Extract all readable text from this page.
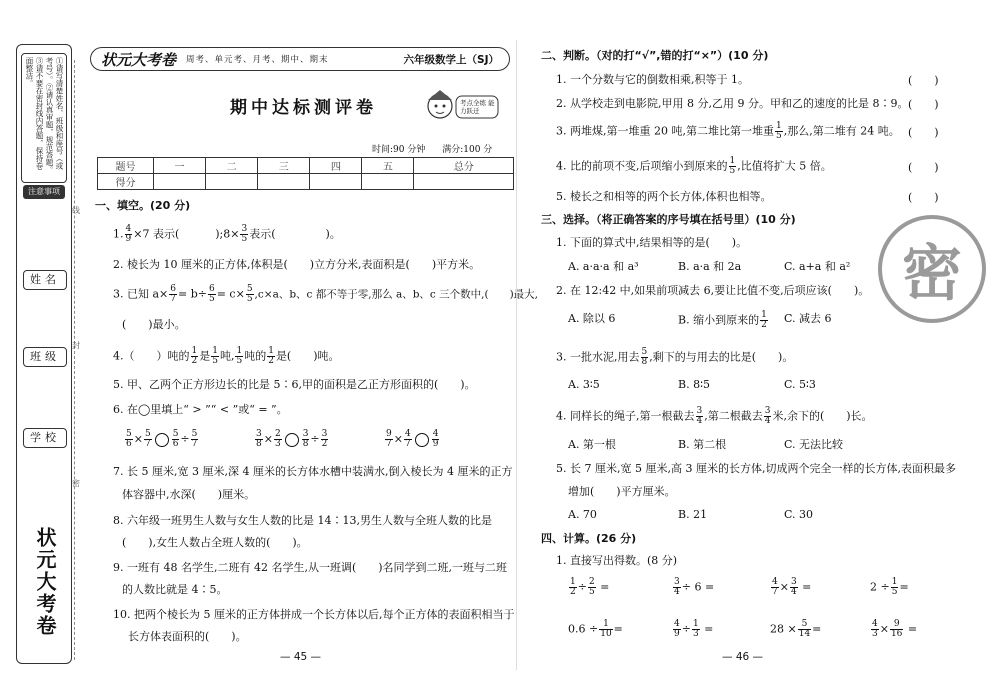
①请写清楚姓名、班级和座号（或考号）。②请认真审题，规范答题。③请不要在密封线内答题，保持卷面整洁。
注意事项
姓名
班级
学校
状元大考卷
线
封
密
状元大考卷 周考、单元考、月考、期中、期末	六年级数学上（SJ）
期中达标测评卷	考点全练 能力跃迁
时间:90 分钟 满分:100 分
题号	一	二	三	四	五	总分
得分						
一、填空。(20 分)
1. $\frac{4}{9} \times 7$ 表示(	);8× $\frac{3}{5}$ 表示(	)。
2. 棱长为 10 厘米的正方体,体积是(　　)立方分米,表面积是(　　)平方米。
3. 已知 $a\times \frac{6}{7} = b\div \frac{6}{5} = c\times \frac{5}{5} ,c\times a$、b、c 都不等于零,那么 a、b、c 三个数中,(　　)最大,
(　　)最小。
4.（　　）吨的 $\frac{1}{2}$ 是 $\frac{1}{5}$ 吨, $\frac{1}{5}$ 吨的 $\frac{1}{2}$ 是(　　)吨。
5. 甲、乙两个正方形边长的比是 5∶6,甲的面积是乙正方形面积的(　　)。
6. 在◯里填上“ > ”“ < ”或“ = ”。
$\frac{5}{6} \times \frac{5}{7} \frac{5}{6} \div \frac{5}{7}$	$\frac{3}{8} \times \frac{2}{3} \frac{3}{8} \div \frac{3}{2}$	$\frac{9}{7} \times \frac{4}{7} \frac{4}{9}$
7. 长 5 厘米,宽 3 厘米,深 4 厘米的长方体水槽中装满水,倒入棱长为 4 厘米的正方
体容器中,水深(　　)厘米。
8. 六年级一班男生人数与女生人数的比是 14∶13,男生人数与全班人数的比是
(　　),女生人数占全班人数的(　　)。
9. 一班有 48 名学生,二班有 42 名学生,从一班调(　　)名同学到二班,一班与二班
的人数比就是 4∶5。
10. 把两个棱长为 5 厘米的正方体拼成一个长方体以后,每个正方体的表面积相当于
长方体表面积的(　　)。
— 45 —
二、判断。（对的打“√”,错的打“×”）(10 分)
1. 一个分数与它的倒数相乘,积等于 1。	(　　)
2. 从学校走到电影院,甲用 8 分,乙用 9 分。甲和乙的速度的比是 8∶9。 (　　)
3. 两堆煤,第一堆重 20 吨,第二堆比第一堆重 $\frac{1}{5}$ ,那么,第二堆有 24 吨。 (　　)
4. 比的前项不变,后项缩小到原来的 $\frac{1}{5}$ ,比值将扩大 5 倍。	(　　)
5. 棱长之和相等的两个长方体,体积也相等。	(　　)
三、选择。（将正确答案的序号填在括号里）(10 分)
1. 下面的算式中,结果相等的是(　　)。
A. a·a·a 和 a³	B. a·a 和 2a	C. a+a 和 a²
2. 在 12:42 中,如果前项减去 6,要让比值不变,后项应该(　　)。
A. 除以 6	B. 缩小到原来的 $\frac{1}{2} C$. 减去 6
3. 一批水泥,用去 $\frac{5}{8}$ ,剩下的与用去的比是(　　)。
A. 3∶5	B. 8∶5	C. 5∶3
4. 同样长的绳子,第一根截去 $\frac{3}{4}$ ,第二根截去 $\frac{3}{4}$ 米,余下的(　　)长。
A. 第一根	B. 第二根	C. 无法比较
5. 长 7 厘米,宽 5 厘米,高 3 厘米的长方体,切成两个完全一样的长方体,表面积最多
增加(　　)平方厘米。
A. 70	B. 21	C. 30
四、计算。(26 分)
1. 直接写出得数。(8 分)
$\frac{1}{2} \div \frac{2}{5}$ =	$\frac{3}{4} \div 6$ =	$\frac{4}{7} \times \frac{3}{4}$ =	$2 \div \frac{1}{5}$ =
$0.6 \div \frac{1}{10}$ =	$\frac{4}{9} \div \frac{1}{3}$ =	$28 \times \frac{5}{14}$ =	$\frac{4}{3} \times \frac{9}{16}$ =
— 46 —
密
